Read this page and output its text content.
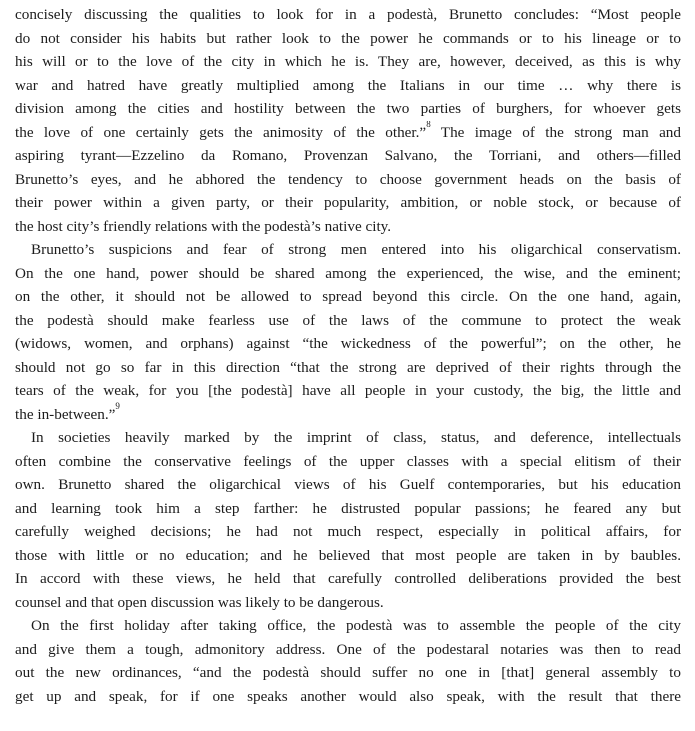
concisely discussing the qualities to look for in a podestà, Brunetto concludes: “Most people
do not consider his habits but rather look to the power he commands or to his lineage or to
his will or to the love of the city in which he is. They are, however, deceived, as this is why
war and hatred have greatly multiplied among the Italians in our time … why there is
division among the cities and hostility between the two parties of burghers, for whoever gets
the love of one certainly gets the animosity of the other.”$^8$ The image of the strong man and
aspiring tyrant—Ezzelino da Romano, Provenzan Salvano, the Torriani, and others—filled
Brunetto’s eyes, and he abhored the tendency to choose government heads on the basis of
their power within a given party, or their popularity, ambition, or noble stock, or because of
the host city’s friendly relations with the podestà’s native city.
Brunetto’s suspicions and fear of strong men entered into his oligarchical conservatism.
On the one hand, power should be shared among the experienced, the wise, and the eminent;
on the other, it should not be allowed to spread beyond this circle. On the one hand, again,
the podestà should make fearless use of the laws of the commune to protect the weak
(widows, women, and orphans) against “the wickedness of the powerful”; on the other, he
should not go so far in this direction “that the strong are deprived of their rights through the
tears of the weak, for you [the podestà] have all people in your custody, the big, the little and
the in-between.”$^9$
In societies heavily marked by the imprint of class, status, and deference, intellectuals
often combine the conservative feelings of the upper classes with a special elitism of their
own. Brunetto shared the oligarchical views of his Guelf contemporaries, but his education
and learning took him a step farther: he distrusted popular passions; he feared any but
carefully weighed decisions; he had not much respect, especially in political affairs, for
those with little or no education; and he believed that most people are taken in by baubles.
In accord with these views, he held that carefully controlled deliberations provided the best
counsel and that open discussion was likely to be dangerous.
On the first holiday after taking office, the podestà was to assemble the people of the city
and give them a tough, admonitory address. One of the podestaral notaries was then to read
out the new ordinances, “and the podestà should suffer no one in [that] general assembly to
get up and speak, for if one speaks another would also speak, with the result that there
